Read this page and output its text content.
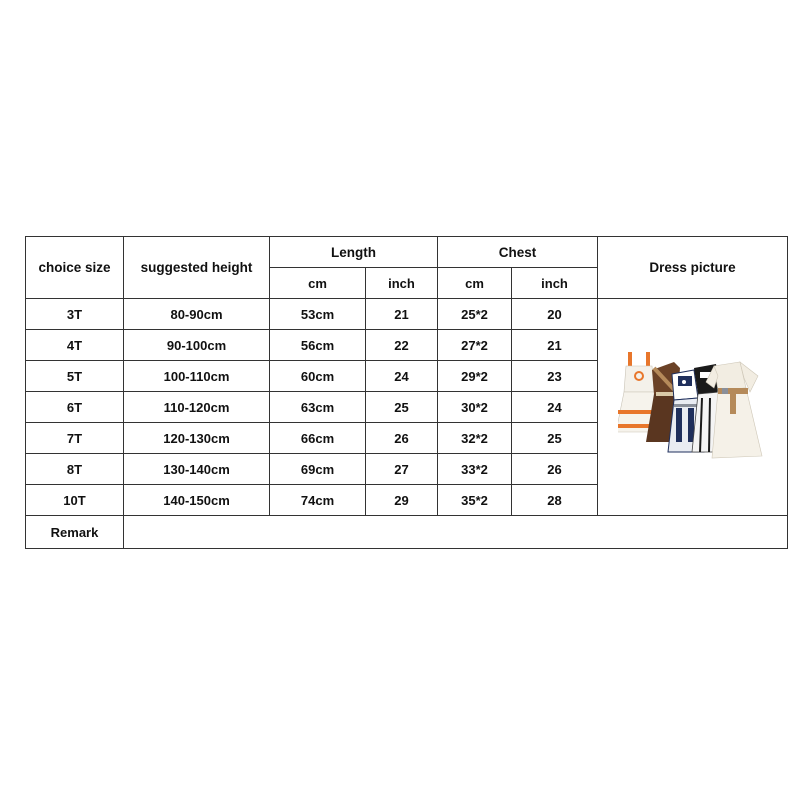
choice size	suggested height	Length		Chest		Dress picture
		cm	inch	cm	inch	
3T	80-90cm	53cm	21	25*2	20	

4T	90-100cm	56cm	22	27*2	21	
5T	100-110cm	60cm	24	29*2	23	
6T	110-120cm	63cm	25	30*2	24	
7T	120-130cm	66cm	26	32*2	25	
8T	130-140cm	69cm	27	33*2	26	
10T	140-150cm	74cm	29	35*2	28	
Remark						
